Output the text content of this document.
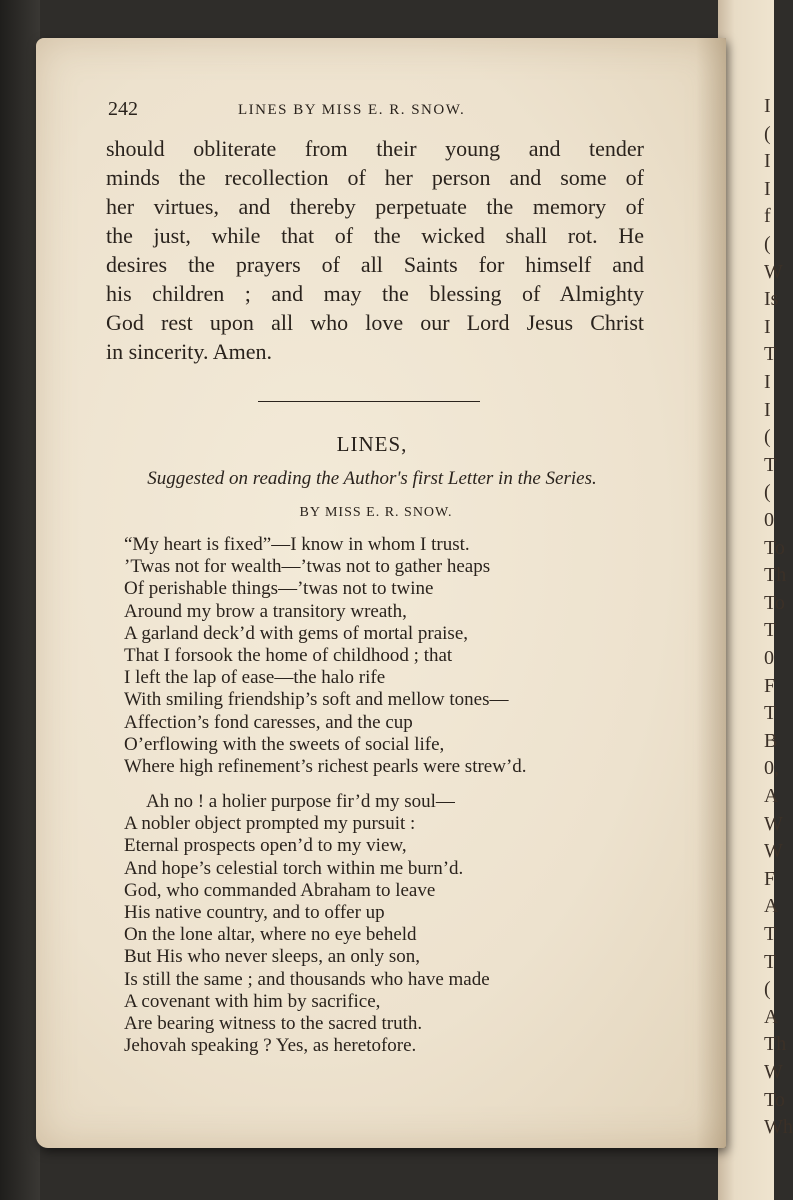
I
(
I
I
f
(
W
Is
I
T
I
I
(
T
(
0
To
Th
To
T
0
F
T
B
0,
A
W
W
F
A
T
T
(
A
Th
W
To
Wh
242	LINES BY MISS E. R. SNOW.
should obliterate from their young and tender
minds the recollection of her person and some of
her virtues, and thereby perpetuate the memory of
the just, while that of the wicked shall rot. He
desires the prayers of all Saints for himself and
his children ; and may the blessing of Almighty
God rest upon all who love our Lord Jesus Christ
in sincerity. Amen.
LINES,
Suggested on reading the Author's first Letter in the Series.
BY MISS E. R. SNOW.
“My heart is fixed”—I know in whom I trust.
’Twas not for wealth—’twas not to gather heaps
Of perishable things—’twas not to twine
Around my brow a transitory wreath,
A garland deck’d with gems of mortal praise,
That I forsook the home of childhood ; that
I left the lap of ease—the halo rife
With smiling friendship’s soft and mellow tones—
Affection’s fond caresses, and the cup
O’erflowing with the sweets of social life,
Where high refinement’s richest pearls were strew’d.
Ah no ! a holier purpose fir’d my soul—
A nobler object prompted my pursuit :
Eternal prospects open’d to my view,
And hope’s celestial torch within me burn’d.
God, who commanded Abraham to leave
His native country, and to offer up
On the lone altar, where no eye beheld
But His who never sleeps, an only son,
Is still the same ; and thousands who have made
A covenant with him by sacrifice,
Are bearing witness to the sacred truth.
Jehovah speaking ? Yes, as heretofore.
